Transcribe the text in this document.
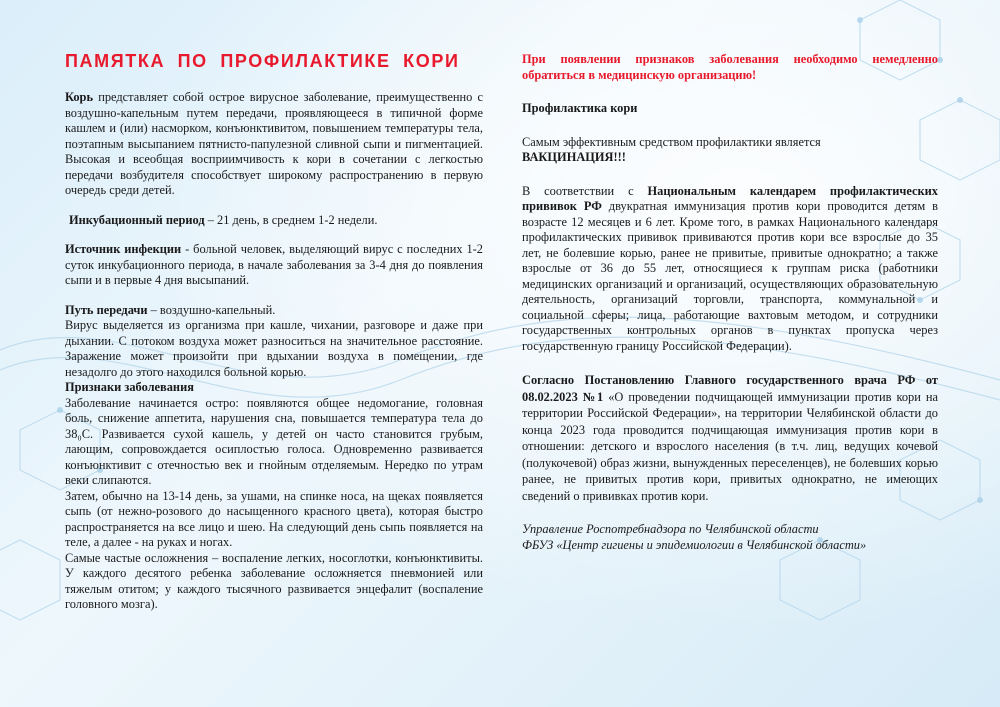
ПАМЯТКА ПО ПРОФИЛАКТИКЕ КОРИ

Корь представляет собой острое вирусное заболевание, преимущественно с воздушно-капельным путем передачи, проявляющееся в типичной форме кашлем и (или) насморком, конъюнктивитом, повышением температуры тела, поэтапным высыпанием пятнисто-папулезной сливной сыпи и пигментацией. Высокая и всеобщая восприимчивость к кори в сочетании с легкостью передачи возбудителя способствует широкому распространению в первую очередь среди детей.

Инкубационный период – 21 день, в среднем 1-2 недели.

Источник инфекции - больной человек, выделяющий вирус с последних 1-2 суток инкубационного периода, в начале заболевания за 3-4 дня до появления сыпи и в первые 4 дня высыпаний.

Путь передачи – воздушно-капельный.

Вирус выделяется из организма при кашле, чихании, разговоре и даже при дыхании. С потоком воздуха может разноситься на значительное расстояние. Заражение может произойти при вдыхании воздуха в помещении, где незадолго до этого находился больной корью.

Признаки заболевания

Заболевание начинается остро: появляются общее недомогание, головная боль, снижение аппетита, нарушения сна, повышается температура тела до 38₀С. Развивается сухой кашель, у детей он часто становится грубым, лающим, сопровождается осиплостью голоса. Одновременно развивается конъюнктивит с отечностью век и гнойным отделяемым. Нередко по утрам веки слипаются.

Затем, обычно на 13-14 день, за ушами, на спинке носа, на щеках появляется сыпь (от нежно-розового до насыщенного красного цвета), которая быстро распространяется на все лицо и шею. На следующий день сыпь появляется на теле, а далее - на руках и ногах.

Самые частые осложнения – воспаление легких, носоглотки, конъюнктивиты. У каждого десятого ребенка заболевание осложняется пневмонией или тяжелым отитом; у каждого тысячного развивается энцефалит (воспаление головного мозга).

При появлении признаков заболевания необходимо немедленно обратиться в медицинскую организацию!

Профилактика кори

Самым эффективным средством профилактики является

ВАКЦИНАЦИЯ!!!

В соответствии с Национальным календарем профилактических прививок РФ двукратная иммунизация против кори проводится детям в возрасте 12 месяцев и 6 лет. Кроме того, в рамках Национального календаря профилактических прививок прививаются против кори все взрослые до 35 лет, не болевшие корью, ранее не привитые, привитые однократно; а также взрослые от 36 до 55 лет, относящиеся к группам риска (работники медицинских организаций и организаций, осуществляющих образовательную деятельность, организаций торговли, транспорта, коммунальной и социальной сферы; лица, работающие вахтовым методом, и сотрудники государственных контрольных органов в пунктах пропуска через государственную границу Российской Федерации).

Согласно Постановлению Главного государственного врача РФ от 08.02.2023 №1 «О проведении подчищающей иммунизации против кори на территории Российской Федерации», на территории Челябинской области до конца 2023 года проводится подчищающая иммунизация против кори в отношении: детского и взрослого населения (в т.ч. лиц, ведущих кочевой (полукочевой) образ жизни, вынужденных переселенцев), не болевших корью ранее, не привитых против кори, привитых однократно, не имеющих сведений о прививках против кори.

Управление Роспотребнадзора по Челябинской области

ФБУЗ «Центр гигиены и эпидемиологии в Челябинской области»
